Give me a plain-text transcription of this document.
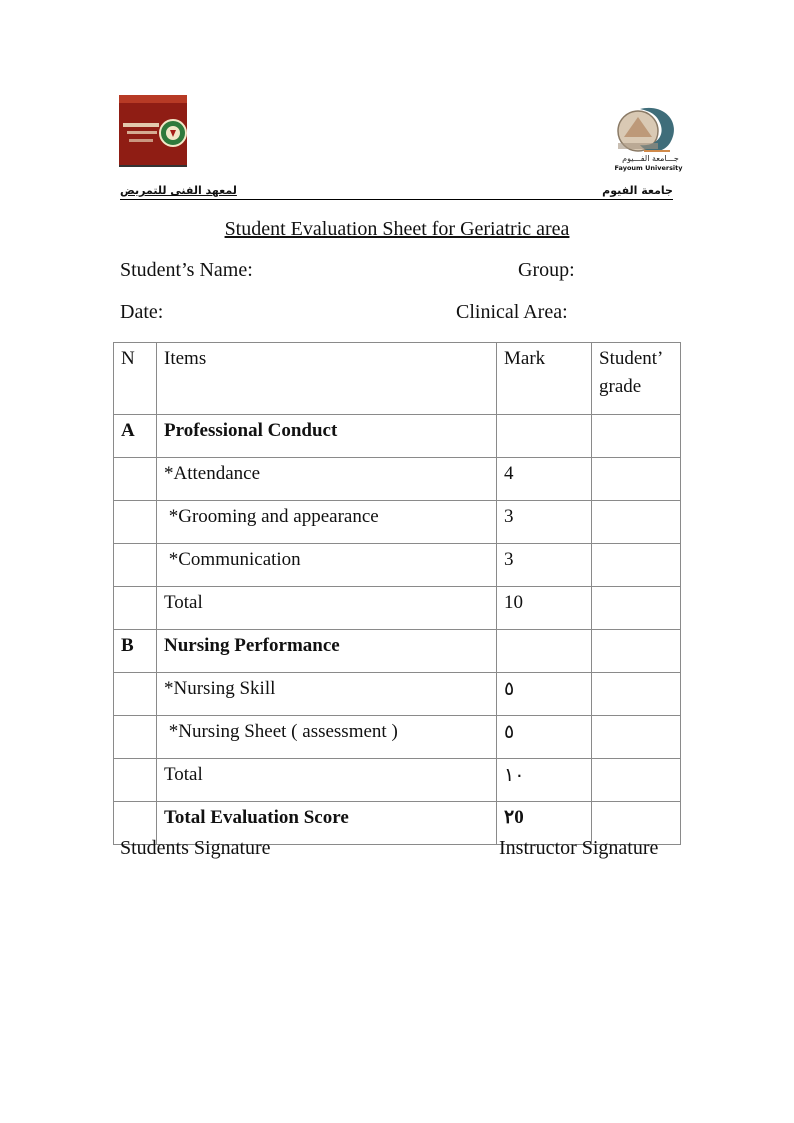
جـــامعة الفـــيوم
Fayoum University
لمعهد الفنى للتمريض	جامعة الفيوم
Student Evaluation Sheet for Geriatric area
Student’s Name:	Group:
Date:	Clinical Area:
N	Items	Mark	Student’ grade
A	Professional Conduct		
	*Attendance	4	
	*Grooming and appearance	3	
	*Communication	3	
	Total	10	
B	Nursing Performance		
	*Nursing Skill	٥	
	*Nursing Sheet ( assessment )	٥	
	Total	١٠	
	Total Evaluation Score	٢0	
Students Signature	Instructor Signature
